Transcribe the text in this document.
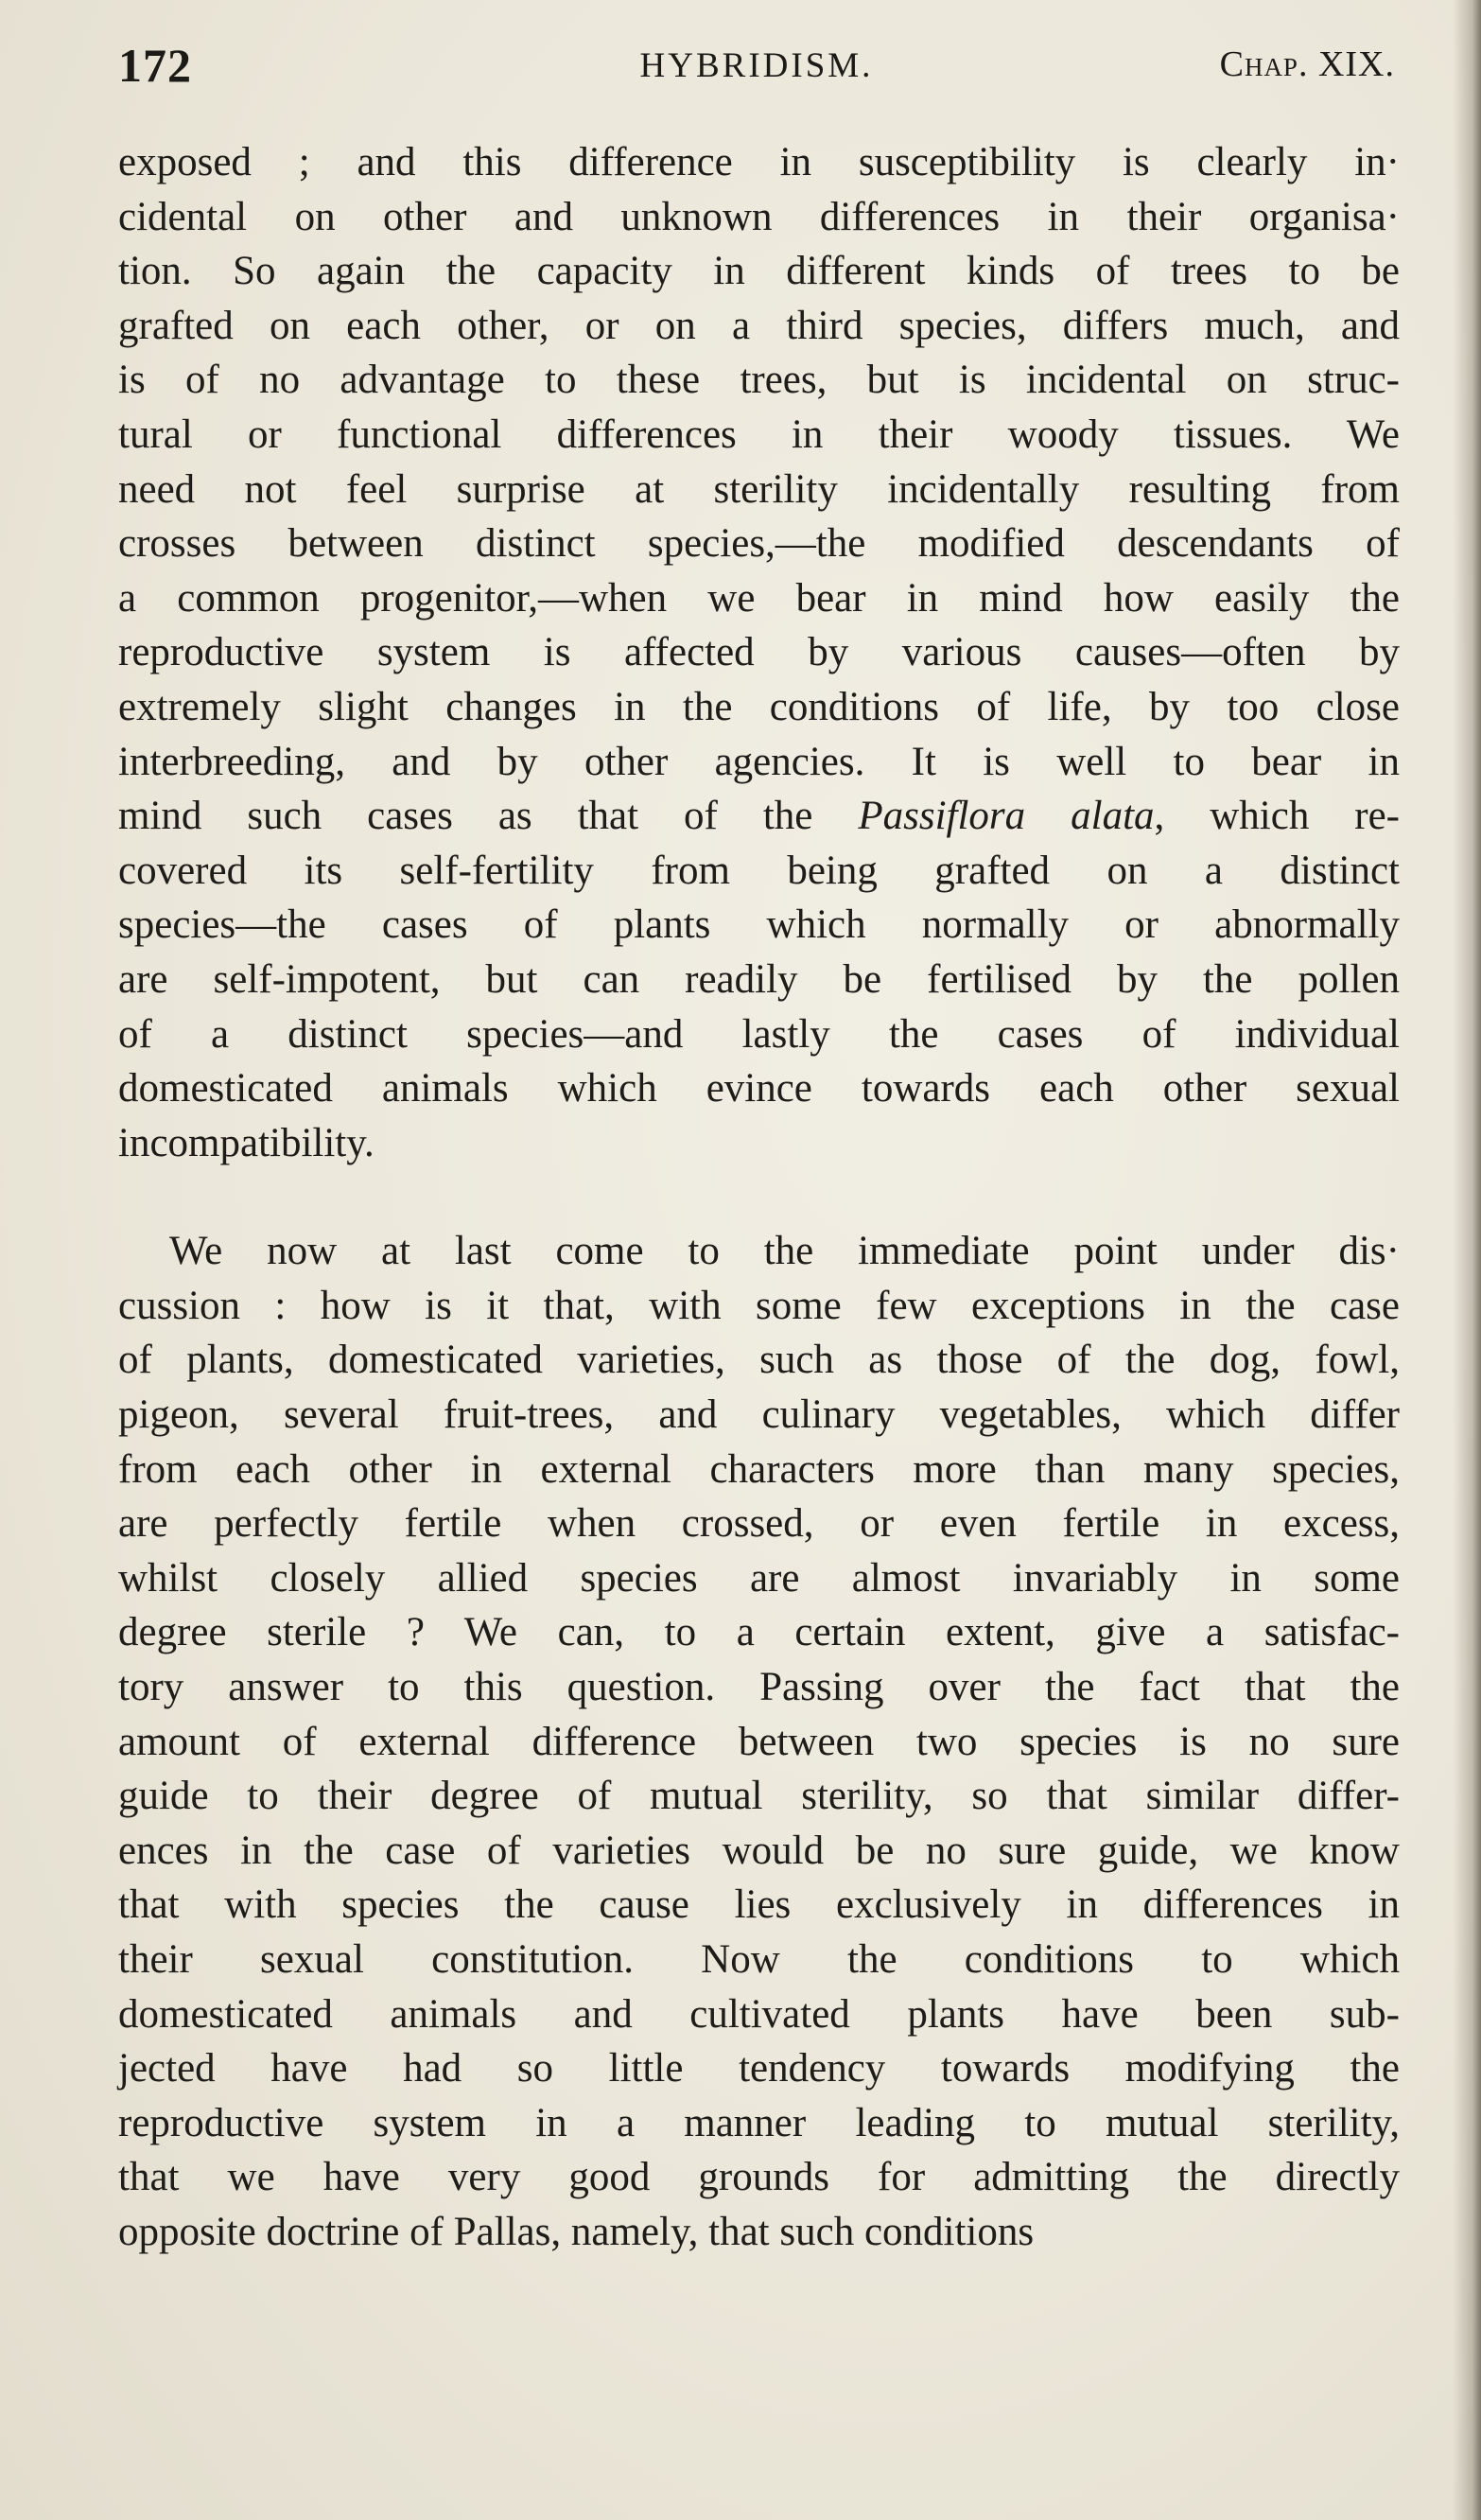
172	HYBRIDISM.	Chap. XIX.

exposed ; and this difference in susceptibility is clearly in·
cidental on other and unknown differences in their organisa·
tion. So again the capacity in different kinds of trees to be
grafted on each other, or on a third species, differs much, and
is of no advantage to these trees, but is incidental on struc-
tural or functional differences in their woody tissues. We
need not feel surprise at sterility incidentally resulting from
crosses between distinct species,—the modified descendants of
a common progenitor,—when we bear in mind how easily the
reproductive system is affected by various causes—often by
extremely slight changes in the conditions of life, by too close
interbreeding, and by other agencies. It is well to bear in
mind such cases as that of the Passiflora alata, which re-
covered its self-fertility from being grafted on a distinct
species—the cases of plants which normally or abnormally
are self-impotent, but can readily be fertilised by the pollen
of a distinct species—and lastly the cases of individual
domesticated animals which evince towards each other sexual
incompatibility.

We now at last come to the immediate point under dis·
cussion : how is it that, with some few exceptions in the case
of plants, domesticated varieties, such as those of the dog, fowl,
pigeon, several fruit-trees, and culinary vegetables, which differ
from each other in external characters more than many species,
are perfectly fertile when crossed, or even fertile in excess,
whilst closely allied species are almost invariably in some
degree sterile ? We can, to a certain extent, give a satisfac-
tory answer to this question. Passing over the fact that the
amount of external difference between two species is no sure
guide to their degree of mutual sterility, so that similar differ-
ences in the case of varieties would be no sure guide, we know
that with species the cause lies exclusively in differences in
their sexual constitution. Now the conditions to which
domesticated animals and cultivated plants have been sub-
jected have had so little tendency towards modifying the
reproductive system in a manner leading to mutual sterility,
that we have very good grounds for admitting the directly
opposite doctrine of Pallas, namely, that such conditions
